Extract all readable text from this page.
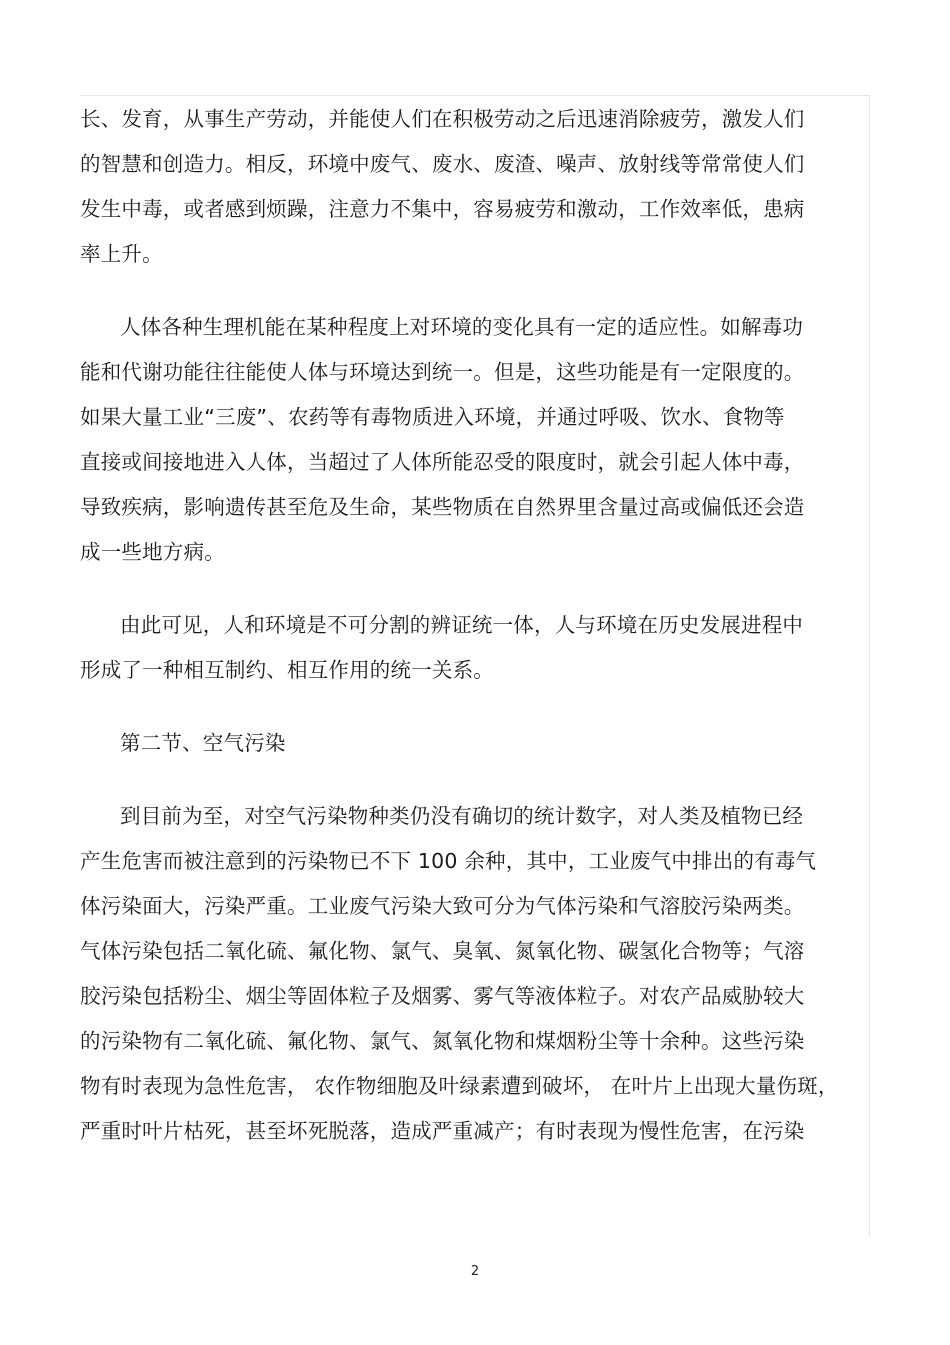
长、发育，从事生产劳动，并能使人们在积极劳动之后迅速消除疲劳，激发人们
的智慧和创造力。相反，环境中废气、废水、废渣、噪声、放射线等常常使人们
发生中毒，或者感到烦躁，注意力不集中，容易疲劳和激动，工作效率低，患病
率上升。
人体各种生理机能在某种程度上对环境的变化具有一定的适应性。如解毒功
能和代谢功能往往能使人体与环境达到统一。但是，这些功能是有一定限度的。
如果大量工业“三废”、农药等有毒物质进入环境，并通过呼吸、饮水、食物等
直接或间接地进入人体，当超过了人体所能忍受的限度时，就会引起人体中毒，
导致疾病，影响遗传甚至危及生命，某些物质在自然界里含量过高或偏低还会造
成一些地方病。
由此可见，人和环境是不可分割的辨证统一体，人与环境在历史发展进程中
形成了一种相互制约、相互作用的统一关系。
第二节、空气污染
到目前为至，对空气污染物种类仍没有确切的统计数字，对人类及植物已经
产生危害而被注意到的污染物已不下 100 余种，其中，工业废气中排出的有毒气
体污染面大，污染严重。工业废气污染大致可分为气体污染和气溶胶污染两类。
气体污染包括二氧化硫、氟化物、氯气、臭氧、氮氧化物、碳氢化合物等；气溶
胶污染包括粉尘、烟尘等固体粒子及烟雾、雾气等液体粒子。对农产品威胁较大
的污染物有二氧化硫、氟化物、氯气、氮氧化物和煤烟粉尘等十余种。这些污染
物有时表现为急性危害， 农作物细胞及叶绿素遭到破坏， 在叶片上出现大量伤斑，
严重时叶片枯死，甚至坏死脱落，造成严重减产；有时表现为慢性危害，在污染
2
